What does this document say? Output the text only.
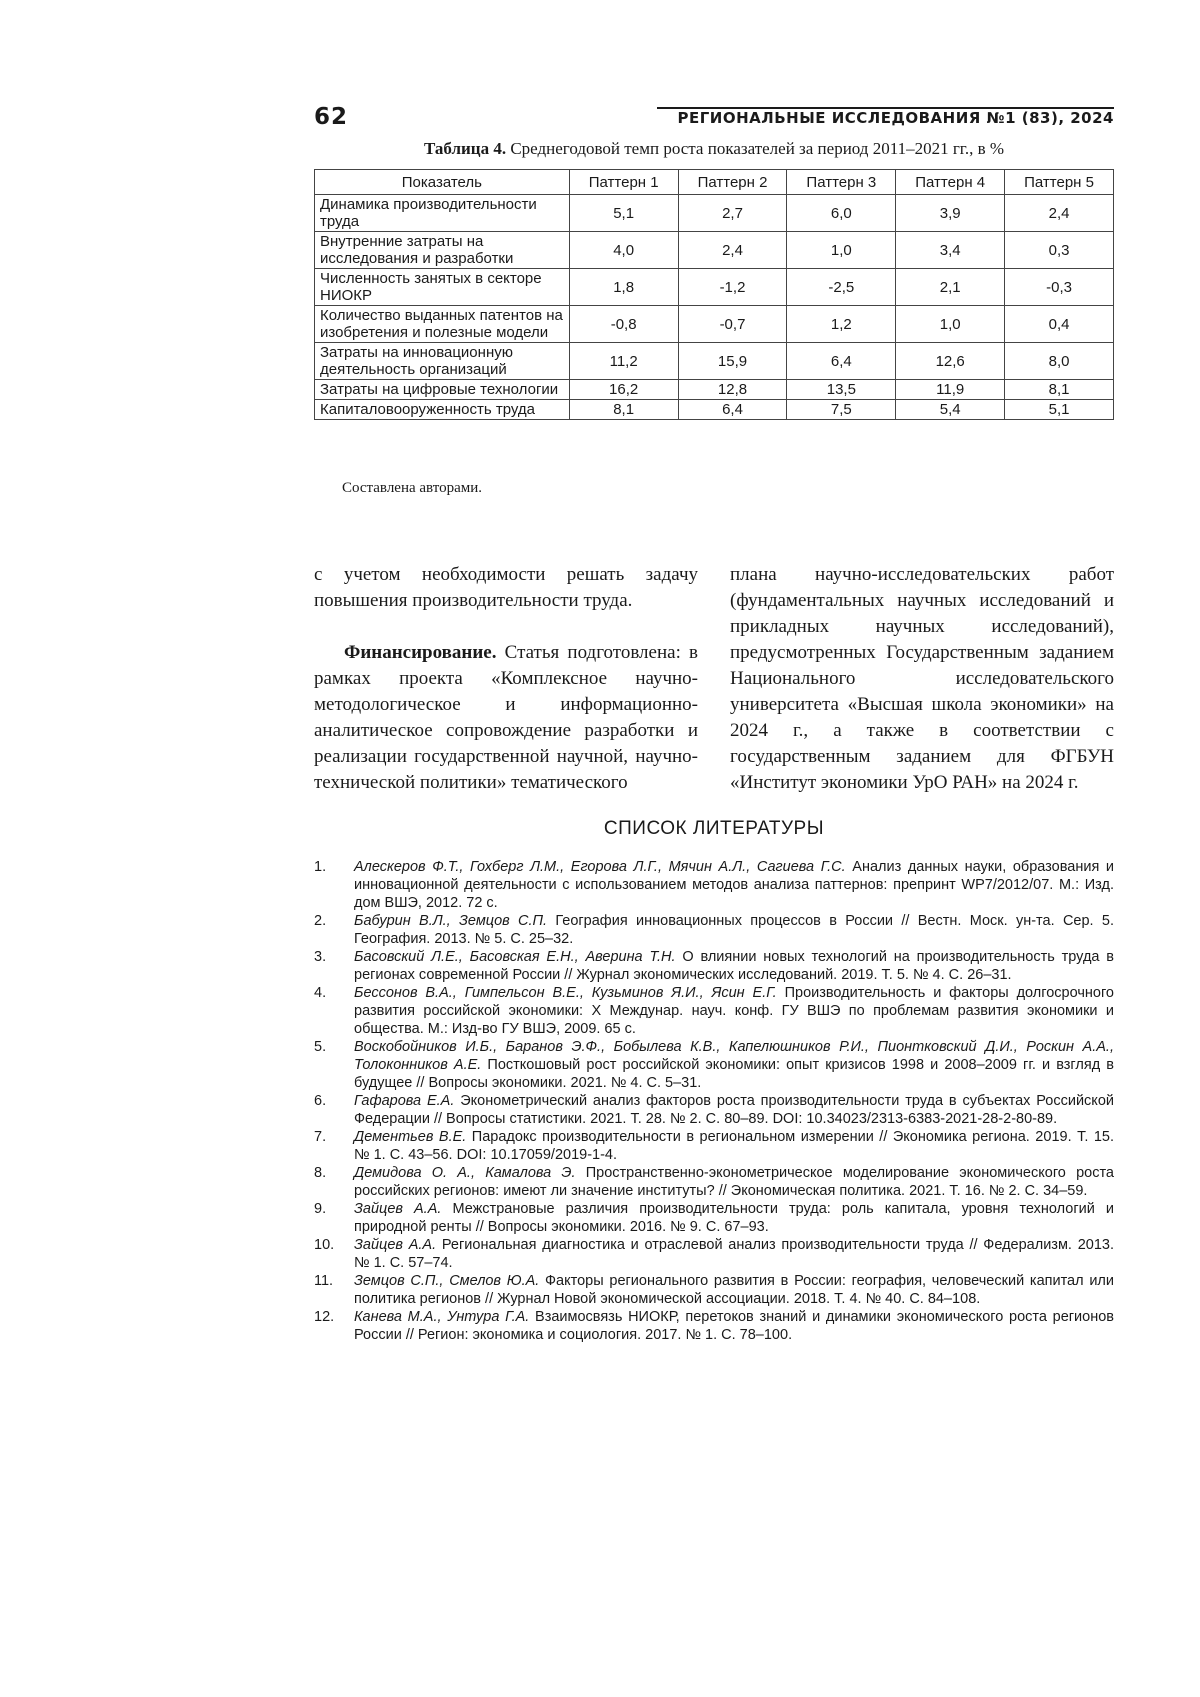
62	РЕГИОНАЛЬНЫЕ ИССЛЕДОВАНИЯ №1 (83), 2024
Таблица 4. Среднегодовой темп роста показателей за период 2011–2021 гг., в %
Показатель	Паттерн 1	Паттерн 2	Паттерн 3	Паттерн 4	Паттерн 5
Динамика производительности труда	5,1	2,7	6,0	3,9	2,4
Внутренние затраты на исследования и разработки	4,0	2,4	1,0	3,4	0,3
Численность занятых в секторе НИОКР	1,8	-1,2	-2,5	2,1	-0,3
Количество выданных патентов на изобретения и полезные модели	-0,8	-0,7	1,2	1,0	0,4
Затраты на инновационную деятельность организаций	11,2	15,9	6,4	12,6	8,0
Затраты на цифровые технологии	16,2	12,8	13,5	11,9	8,1
Капиталовооруженность труда	8,1	6,4	7,5	5,4	5,1
Составлена авторами.

с учетом необходимости решать задачу повышения производительности труда.

Финансирование. Статья подготовлена: в рамках проекта «Комплексное научно-методологическое и информационно-аналитическое сопровождение разработки и реализации государственной научной, научно-технической политики» тематического

плана научно-исследовательских работ (фундаментальных научных исследований и прикладных научных исследований), предусмотренных Государственным заданием Национального исследовательского университета «Высшая школа экономики» на 2024 г., а также в соответствии с государственным заданием для ФГБУН «Институт экономики УрО РАН» на 2024 г.

СПИСОК ЛИТЕРАТУРЫ
1.	Алескеров Ф.Т., Гохберг Л.М., Егорова Л.Г., Мячин А.Л., Сагиева Г.С. Анализ данных науки, образования и инновационной деятельности с использованием методов анализа паттернов: препринт WP7/2012/07. М.: Изд. дом ВШЭ, 2012. 72 с.
2.	Бабурин В.Л., Земцов С.П. География инновационных процессов в России // Вестн. Моск. ун-та. Сер. 5. География. 2013. № 5. С. 25–32.
3.	Басовский Л.Е., Басовская Е.Н., Аверина Т.Н. О влиянии новых технологий на производительность труда в регионах современной России // Журнал экономических исследований. 2019. Т. 5. № 4. С. 26–31.
4.	Бессонов В.А., Гимпельсон В.Е., Кузьминов Я.И., Ясин Е.Г. Производительность и факторы долгосрочного развития российской экономики: X Междунар. науч. конф. ГУ ВШЭ по проблемам развития экономики и общества. М.: Изд-во ГУ ВШЭ, 2009. 65 с.
5.	Воскобойников И.Б., Баранов Э.Ф., Бобылева К.В., Капелюшников Р.И., Пионтковский Д.И., Роскин А.А., Толоконников А.Е. Посткошовый рост российской экономики: опыт кризисов 1998 и 2008–2009 гг. и взгляд в будущее // Вопросы экономики. 2021. № 4. С. 5–31.
6.	Гафарова Е.А. Эконометрический анализ факторов роста производительности труда в субъектах Российской Федерации // Вопросы статистики. 2021. Т. 28. № 2. С. 80–89. DOI: 10.34023/2313-6383-2021-28-2-80-89.
7.	Дементьев В.Е. Парадокс производительности в региональном измерении // Экономика региона. 2019. Т. 15. № 1. С. 43–56. DOI: 10.17059/2019-1-4.
8.	Демидова О. А., Камалова Э. Пространственно-эконометрическое моделирование экономического роста российских регионов: имеют ли значение институты? // Экономическая политика. 2021. Т. 16. № 2. С. 34–59.
9.	Зайцев А.А. Межстрановые различия производительности труда: роль капитала, уровня технологий и природной ренты // Вопросы экономики. 2016. № 9. С. 67–93.
10.	Зайцев А.А. Региональная диагностика и отраслевой анализ производительности труда // Федерализм. 2013. № 1. С. 57–74.
11.	Земцов С.П., Смелов Ю.А. Факторы регионального развития в России: география, человеческий капитал или политика регионов // Журнал Новой экономической ассоциации. 2018. Т. 4. № 40. С. 84–108.
12.	Канева М.А., Унтура Г.А. Взаимосвязь НИОКР, перетоков знаний и динамики экономического роста регионов России // Регион: экономика и социология. 2017. № 1. С. 78–100.
